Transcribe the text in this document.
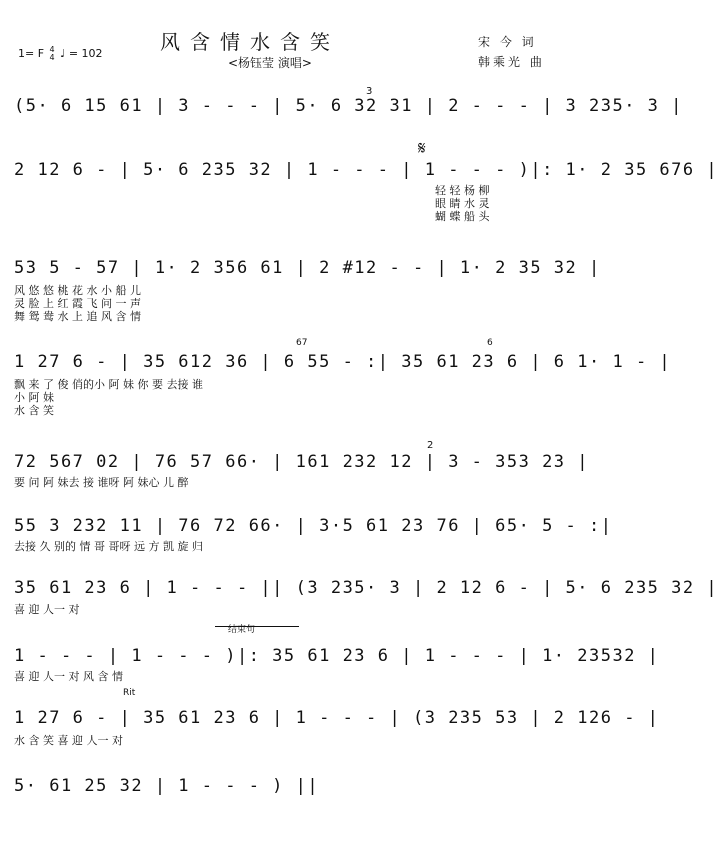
1= F 4
4 ♩ = 102	风含情水含笑
<杨钰莹 演唱>
宋 今 词
韩乘光 曲
3
𝄋
67	6
2
结束句
Rit
(5· 6 15 61 | 3 - - - | 5· 6 32 31 | 2 - - - | 3 235· 3 |
2 12 6 - | 5· 6 235 32 | 1 - - - | 1 - - - )|: 1· 2 35 676 |
轻 轻 杨 柳
眼 睛 水 灵
蝴 蝶 船 头
53 5 - 57 | 1· 2 356 61 | 2 #12 - - | 1· 2 35 32 |
风 悠 悠 桃 花 水 小 船 儿
灵 脸 上 红 霞 飞 问 一 声
舞 鸳 鸯 水 上 追 风 含 情
1 27 6 - | 35 612 36 | 6 55 - :| 35 61 23 6 | 6 1· 1 - |
飘 来 了 俊 俏的小 阿 妹 你 要 去接 谁
小 阿 妹
水 含 笑
72 567 02 | 76 57 66· | 161 232 12 | 3 - 353 23 |
要 问 阿 妹去 接 谁呀 阿 妹心 儿 醉
55 3 232 11 | 76 72 66· | 3·5 61 23 76 | 65· 5 - :|
去接 久 别的 情 哥 哥呀 远 方 凯 旋 归
35 61 23 6 | 1 - - - || (3 235· 3 | 2 12 6 - | 5· 6 235 32 |
喜 迎 人一 对
1 - - - | 1 - - - )|: 35 61 23 6 | 1 - - - | 1· 23532 |
喜 迎 人一 对 风 含 情
1 27 6 - | 35 61 23 6 | 1 - - - | (3 235 53 | 2 126 - |
水 含 笑 喜 迎 人一 对
5· 61 25 32 | 1 - - - ) ||
